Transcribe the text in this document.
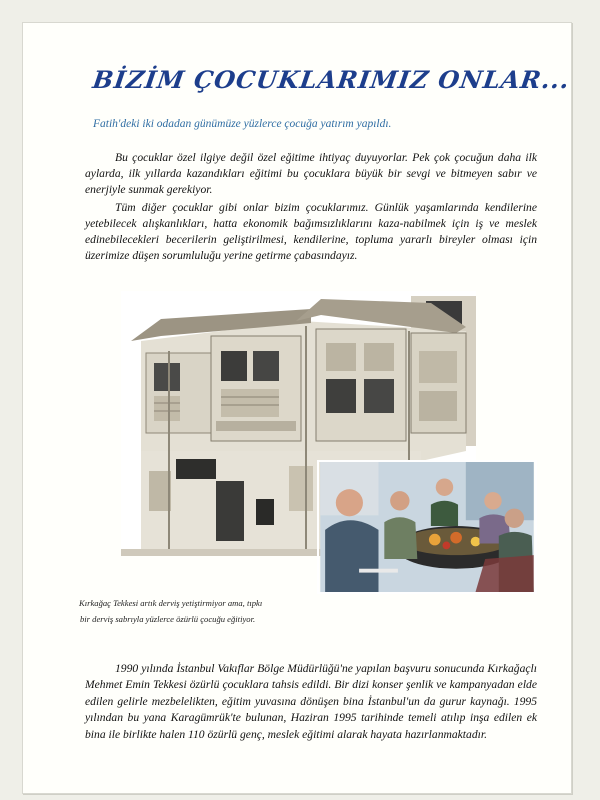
BİZİM ÇOCUKLARIMIZ ONLAR...
Fatih'deki iki odadan günümüze yüzlerce çocuğa yatırım yapıldı.

Bu çocuklar özel ilgiye değil özel eğitime ihtiyaç duyuyorlar. Pek çok çocuğun daha ilk aylarda, ilk yıllarda kazandıkları eğitimi bu çocuklara büyük bir sevgi ve bitmeyen sabır ve enerjiyle sunmak gerekiyor.

Tüm diğer çocuklar gibi onlar bizim çocuklarımız. Günlük yaşamlarında kendilerine yetebilecek alışkanlıkları, hatta ekonomik bağımsızlıklarını kaza-nabilmek için iş ve meslek edinebilecekleri becerilerin geliştirilmesi, kendilerine, topluma yararlı bireyler olması için üzerimize düşen sorumluluğu yerine getirme çabasındayız.

Kırkağaç Tekkesi artık derviş yetiştirmiyor ama, tıpkı
bir derviş sabrıyla yüzlerce özürlü çocuğu eğitiyor.

1990 yılında İstanbul Vakıflar Bölge Müdürlüğü'ne yapılan başvuru sonucunda Kırkağaçlı Mehmet Emin Tekkesi özürlü çocuklara tahsis edildi. Bir dizi konser şenlik ve kampanyadan elde edilen gelirle mezbelelikten, eğitim yuvasına dönüşen bina İstanbul'un da gurur kaynağı. 1995 yılından bu yana Karagümrük'te bulunan, Haziran 1995 tarihinde temeli atılıp inşa edilen ek bina ile birlikte halen 110 özürlü genç, meslek eğitimi alarak hayata hazırlanmaktadır.
